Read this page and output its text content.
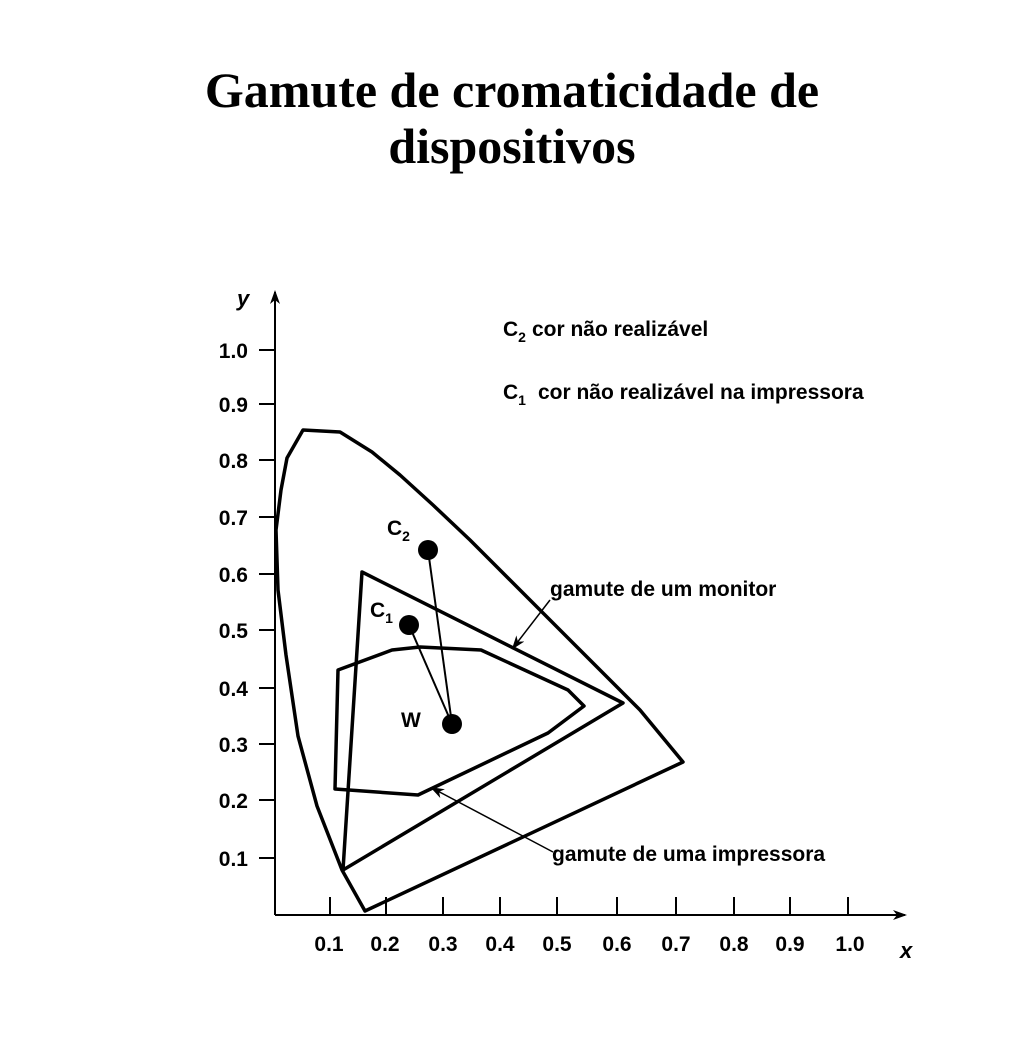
Gamute de cromaticidade de
dispositivos
y
x
1.0
0.9
0.8
0.7
0.6
0.5
0.4
0.3
0.2
0.1
0.1 0.2 0.3 0.4 0.5 0.6 0.7 0.8 0.9 1.0
$C_2$
$C_1$
W
$C_2$ cor não realizável
$C_1$ cor não realizável na impressora
gamute de um monitor
gamute de uma impressora
